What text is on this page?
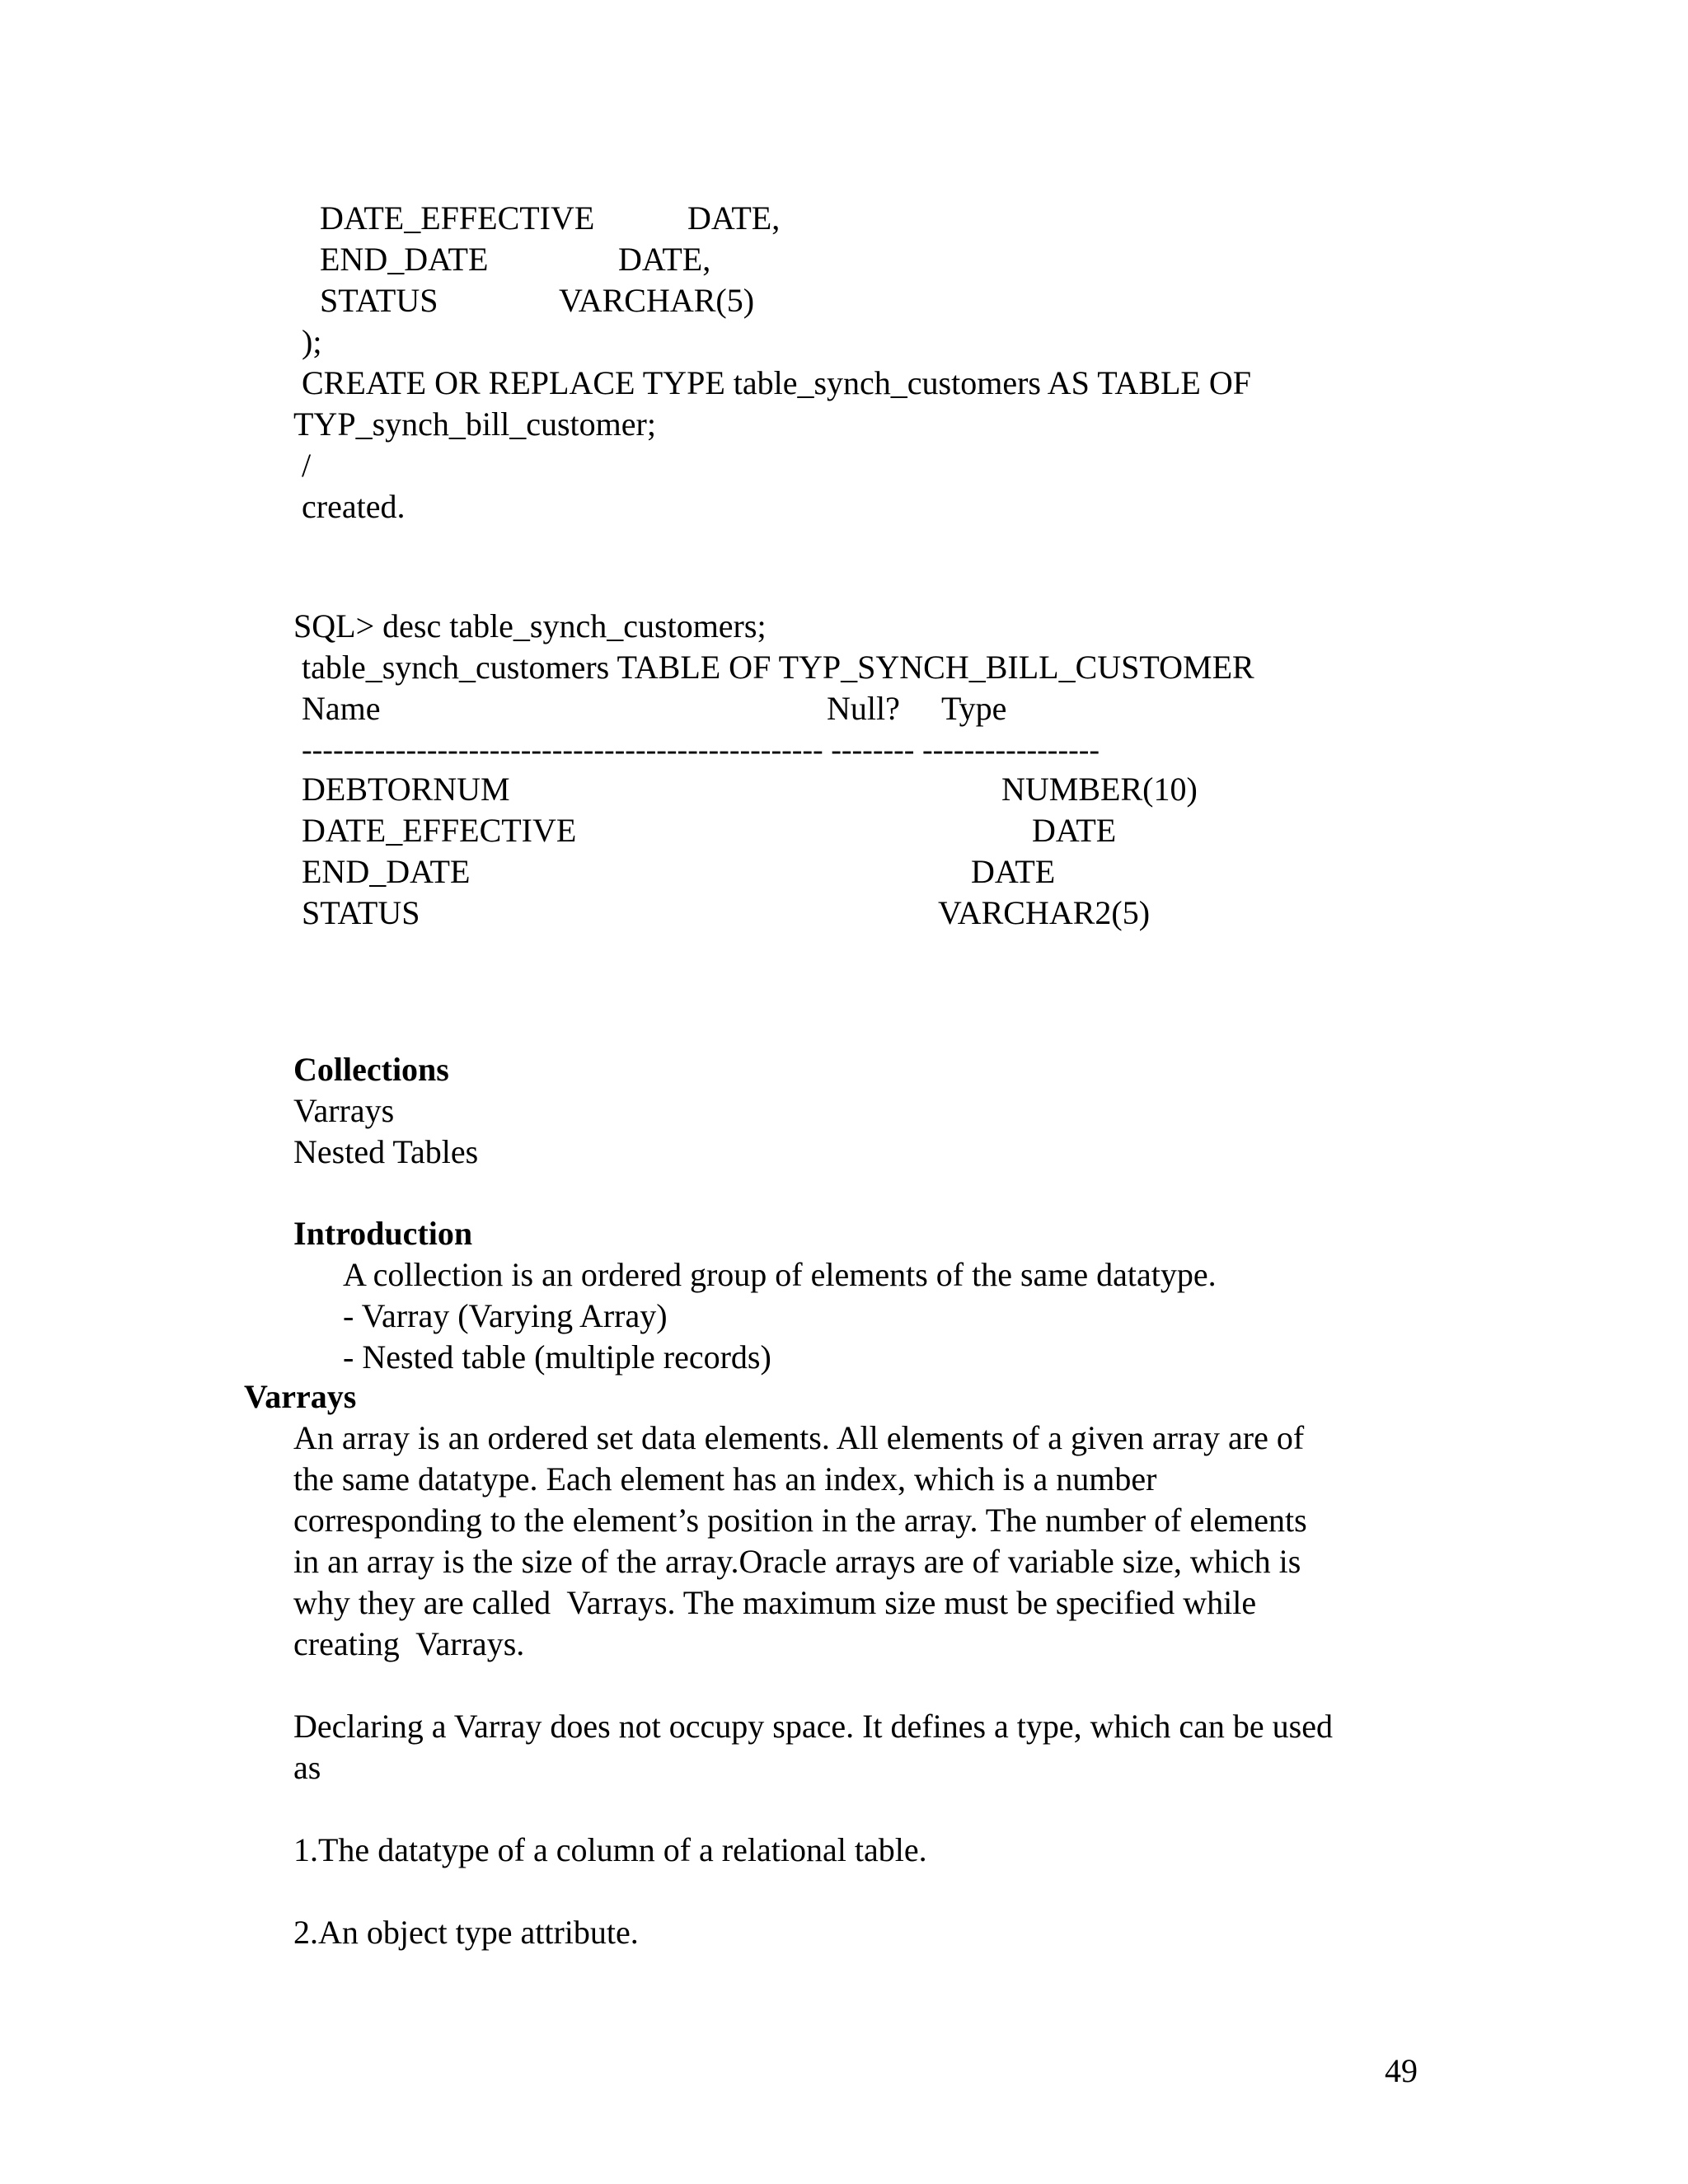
DATE_EFFECTIVE	DATE,

END_DATE	DATE,

STATUS	VARCHAR(5)

);

CREATE OR REPLACE TYPE table_synch_customers AS TABLE OF

TYP_synch_bill_customer;

/

created.

SQL> desc table_synch_customers;

table_synch_customers TABLE OF TYP_SYNCH_BILL_CUSTOMER

Name	Null? Type

-------------------------------------------------- -------- -----------------

DEBTORNUM	NUMBER(10)

DATE_EFFECTIVE	DATE

END_DATE	DATE

STATUS	VARCHAR2(5)

Collections

Varrays

Nested Tables

Introduction

A collection is an ordered group of elements of the same datatype.

- Varray (Varying Array)

- Nested table (multiple records)

Varrays

An array is an ordered set data elements. All elements of a given array are of

the same datatype. Each element has an index, which is a number

corresponding to the element’s position in the array. The number of elements

in an array is the size of the array.Oracle arrays are of variable size, which is

why they are called  Varrays. The maximum size must be specified while

creating  Varrays.

Declaring a Varray does not occupy space. It defines a type, which can be used

as

1.The datatype of a column of a relational table.

2.An object type attribute.

49
